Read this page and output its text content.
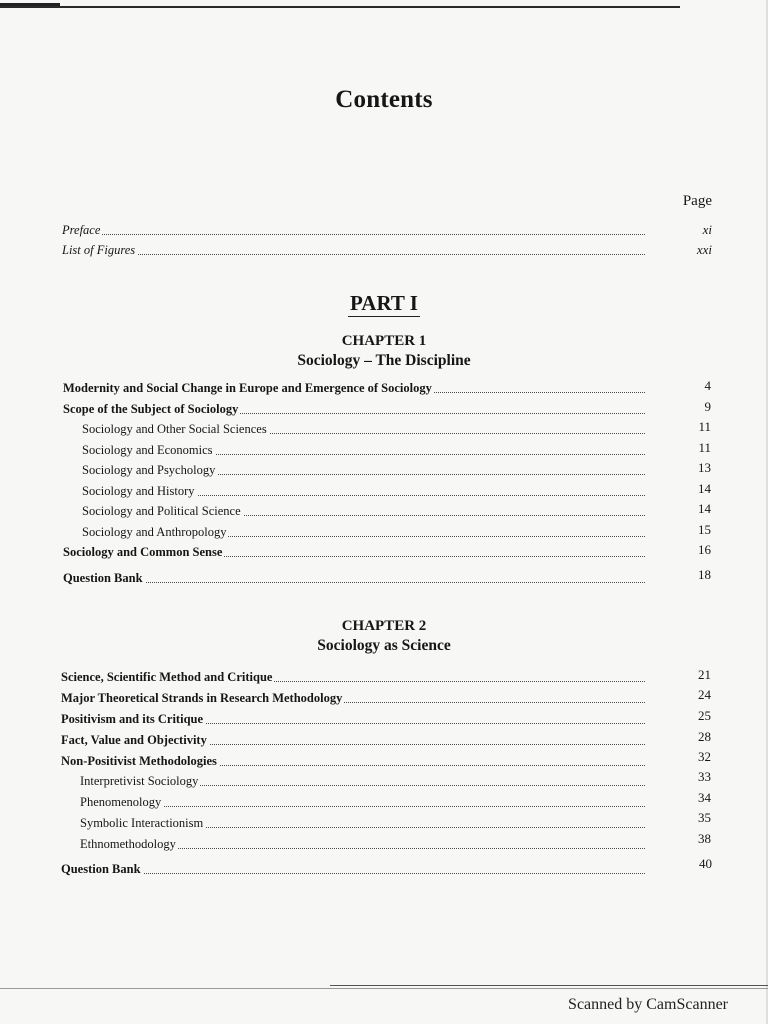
Contents
Page
Preface	xi
List of Figures	xxi
PART I
CHAPTER 1
Sociology – The Discipline
Modernity and Social Change in Europe and Emergence of Sociology	4
Scope of the Subject of Sociology	9
Sociology and Other Social Sciences	11
Sociology and Economics	11
Sociology and Psychology	13
Sociology and History	14
Sociology and Political Science	14
Sociology and Anthropology	15
Sociology and Common Sense	16
Question Bank	18
CHAPTER 2
Sociology as Science
Science, Scientific Method and Critique	21
Major Theoretical Strands in Research Methodology	24
Positivism and its Critique	25
Fact, Value and Objectivity	28
Non-Positivist Methodologies	32
Interpretivist Sociology	33
Phenomenology	34
Symbolic Interactionism	35
Ethnomethodology	38
Question Bank	40
Scanned by CamScanner
